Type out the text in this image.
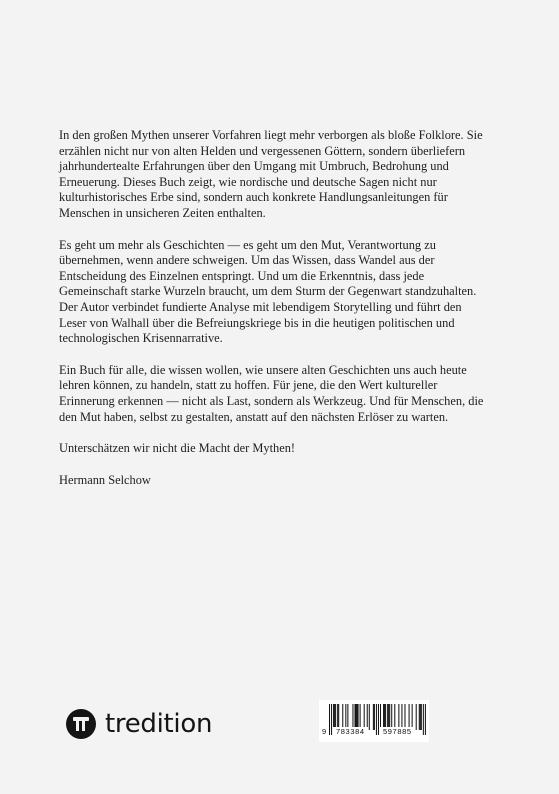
In den großen Mythen unserer Vorfahren liegt mehr verborgen als bloße Folklore. Sie erzählen nicht nur von alten Helden und vergessenen Göttern, sondern überliefern jahrhundertealte Erfahrungen über den Umgang mit Umbruch, Bedrohung und Erneuerung. Dieses Buch zeigt, wie nordische und deutsche Sagen nicht nur kulturhistorisches Erbe sind, sondern auch konkrete Handlungsanleitungen für Menschen in unsicheren Zeiten enthalten.

Es geht um mehr als Geschichten — es geht um den Mut, Verantwortung zu übernehmen, wenn andere schweigen. Um das Wissen, dass Wandel aus der Entscheidung des Einzelnen entspringt. Und um die Erkenntnis, dass jede Gemeinschaft starke Wurzeln braucht, um dem Sturm der Gegenwart standzuhalten. Der Autor verbindet fundierte Analyse mit lebendigem Storytelling und führt den Leser von Walhall über die Befreiungskriege bis in die heutigen politischen und technologischen Krisennarrative.

Ein Buch für alle, die wissen wollen, wie unsere alten Geschichten uns auch heute lehren können, zu handeln, statt zu hoffen. Für jene, die den Wert kultureller Erinnerung erkennen — nicht als Last, sondern als Werkzeug. Und für Menschen, die den Mut haben, selbst zu gestalten, anstatt auf den nächsten Erlöser zu warten.

Unterschätzen wir nicht die Macht der Mythen!

Hermann Selchow

tredition	9	783384	597885
